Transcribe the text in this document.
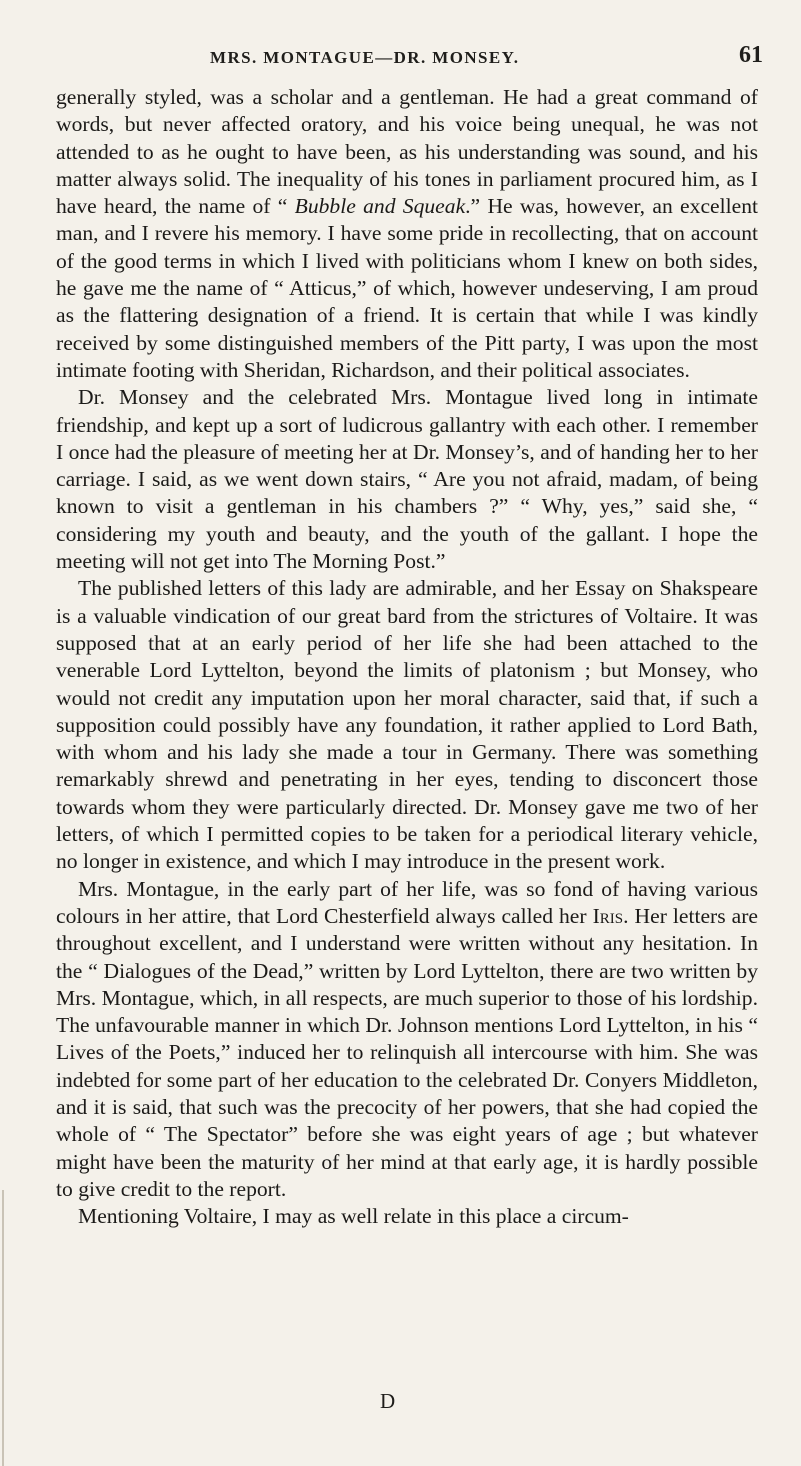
MRS. MONTAGUE—DR. MONSEY.	61

generally styled, was a scholar and a gentleman. He had a great command of words, but never affected oratory, and his voice being unequal, he was not attended to as he ought to have been, as his understanding was sound, and his matter always solid. The inequality of his tones in parliament procured him, as I have heard, the name of “ Bubble and Squeak.” He was, however, an excellent man, and I revere his memory. I have some pride in recollecting, that on account of the good terms in which I lived with politicians whom I knew on both sides, he gave me the name of “ Atticus,” of which, however undeserving, I am proud as the flattering designation of a friend. It is certain that while I was kindly received by some distinguished members of the Pitt party, I was upon the most intimate footing with Sheridan, Richardson, and their political associates.

Dr. Monsey and the celebrated Mrs. Montague lived long in intimate friendship, and kept up a sort of ludicrous gallantry with each other. I remember I once had the pleasure of meeting her at Dr. Monsey’s, and of handing her to her carriage. I said, as we went down stairs, “ Are you not afraid, madam, of being known to visit a gentleman in his chambers ?” “ Why, yes,” said she, “ considering my youth and beauty, and the youth of the gallant. I hope the meeting will not get into The Morning Post.”

The published letters of this lady are admirable, and her Essay on Shakspeare is a valuable vindication of our great bard from the strictures of Voltaire. It was supposed that at an early period of her life she had been attached to the venerable Lord Lyttelton, beyond the limits of platonism ; but Monsey, who would not credit any imputation upon her moral character, said that, if such a supposition could possibly have any foundation, it rather applied to Lord Bath, with whom and his lady she made a tour in Germany. There was something remarkably shrewd and penetrating in her eyes, tending to disconcert those towards whom they were particularly directed. Dr. Monsey gave me two of her letters, of which I permitted copies to be taken for a periodical literary vehicle, no longer in existence, and which I may introduce in the present work.

Mrs. Montague, in the early part of her life, was so fond of having various colours in her attire, that Lord Chesterfield always called her Iris. Her letters are throughout excellent, and I understand were written without any hesitation. In the “ Dialogues of the Dead,” written by Lord Lyttelton, there are two written by Mrs. Montague, which, in all respects, are much superior to those of his lordship. The unfavourable manner in which Dr. Johnson mentions Lord Lyttelton, in his “ Lives of the Poets,” induced her to relinquish all intercourse with him. She was indebted for some part of her education to the celebrated Dr. Conyers Middleton, and it is said, that such was the precocity of her powers, that she had copied the whole of “ The Spectator” before she was eight years of age ; but whatever might have been the maturity of her mind at that early age, it is hardly possible to give credit to the report.

Mentioning Voltaire, I may as well relate in this place a circum-

D
